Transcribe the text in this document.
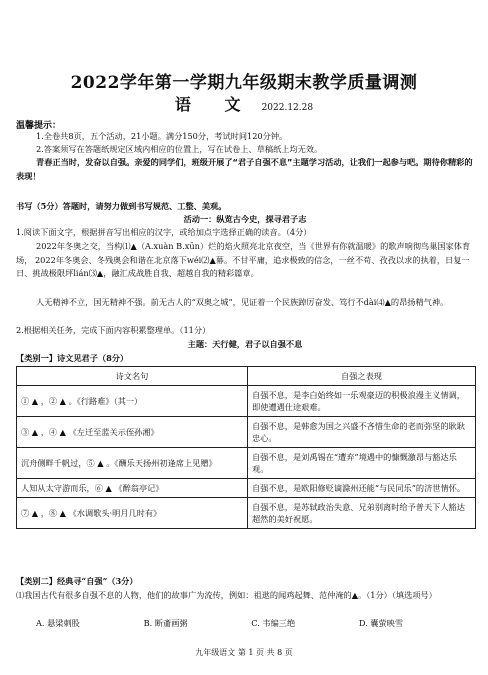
2022学年第一学期九年级期末教学质量调测
语 文 2022.12.28
温馨提示：
1.全卷共8页，五个活动，21小题。满分150分，考试时间120分钟。
2.答案须写在答题纸规定区域内相应的位置上，写在试卷上、草稿纸上均无效。
青春正当时，发奋以自强。亲爱的同学们，班级开展了“君子自强不息”主题学习活动，让我们一起参与吧。期待你精彩的表现！
书写（5分）答题时，请努力做到书写规范、工整、美观。
活动一：纵览古今史，探寻君子志
1.阅读下面文字，根据拼音写出相应的汉字，或给加点字选择正确的读音。（4分）
2022年冬奥之交，当构⑴▲（A.xuàn B.xūn）烂的焰火照亮北京夜空，当《世界有你就温暖》的歌声响彻鸟巢国家体育场， 2022年冬奥会、冬残奥会和谐在北京落下wéi⑵▲幕。不甘平庸，追求极致的信念，一丝不苟、孜孜以求的执着，日复一日、挑战极限坪lián⑶▲，融汇成战胜自我、超越自我的精彩篇章。
人无精神不立，国无精神不强。前无古人的“双奥之城”，见证着一个民族踔厉奋发、笃行不dài⑷▲的昂扬精气神。
2.根据相关任务，完成下面内容积累整理单。（11分）
主题：天行健，君子以自强不息
【类别一】诗文见君子（8分）
诗文名句	自强之表现
① ▲ ，② ▲ 。《行路难》（其一）	自强不息，是李白始终如一乐观豪迈的积极浪漫主义情调，即使遭遇仕途艰难。
③ ▲ ，④ ▲ 《左迁至蓝关示侄孙湘》	自强不息，是韩愈为国之兴盛不吝惜生命的老而弥坚的耿耿忠心。
沉舟侧畔千帆过，⑤ ▲ 。《酬乐天扬州初逢席上见赠》	自强不息，是刘禹锡在“遭弃”境遇中的慷慨激昂与豁达乐观。
人知从太守游而乐，⑥ ▲ 《醉翁亭记》	自强不息，是欧阳修贬谪滁州还能“与民同乐”的济世情怀。
⑦ ▲ ，⑧ ▲ 《水调歌头·明月几时有》	自强不息，是苏轼政治失意、兄弟别离时给予普天下人豁达超然的美好祝愿。
【类别二】经典寻“自强”（3分）
⑴我国古代有很多自强不息的人物，他们的故事广为流传，例如：祖逖的闻鸡起舞、范仲淹的▲。（1分）（填选项号）
A. 悬梁刺股	B. 断齑画粥	C. 韦编三绝	D. 囊萤映雪
九年级语文 第 1 页 共 8 页
